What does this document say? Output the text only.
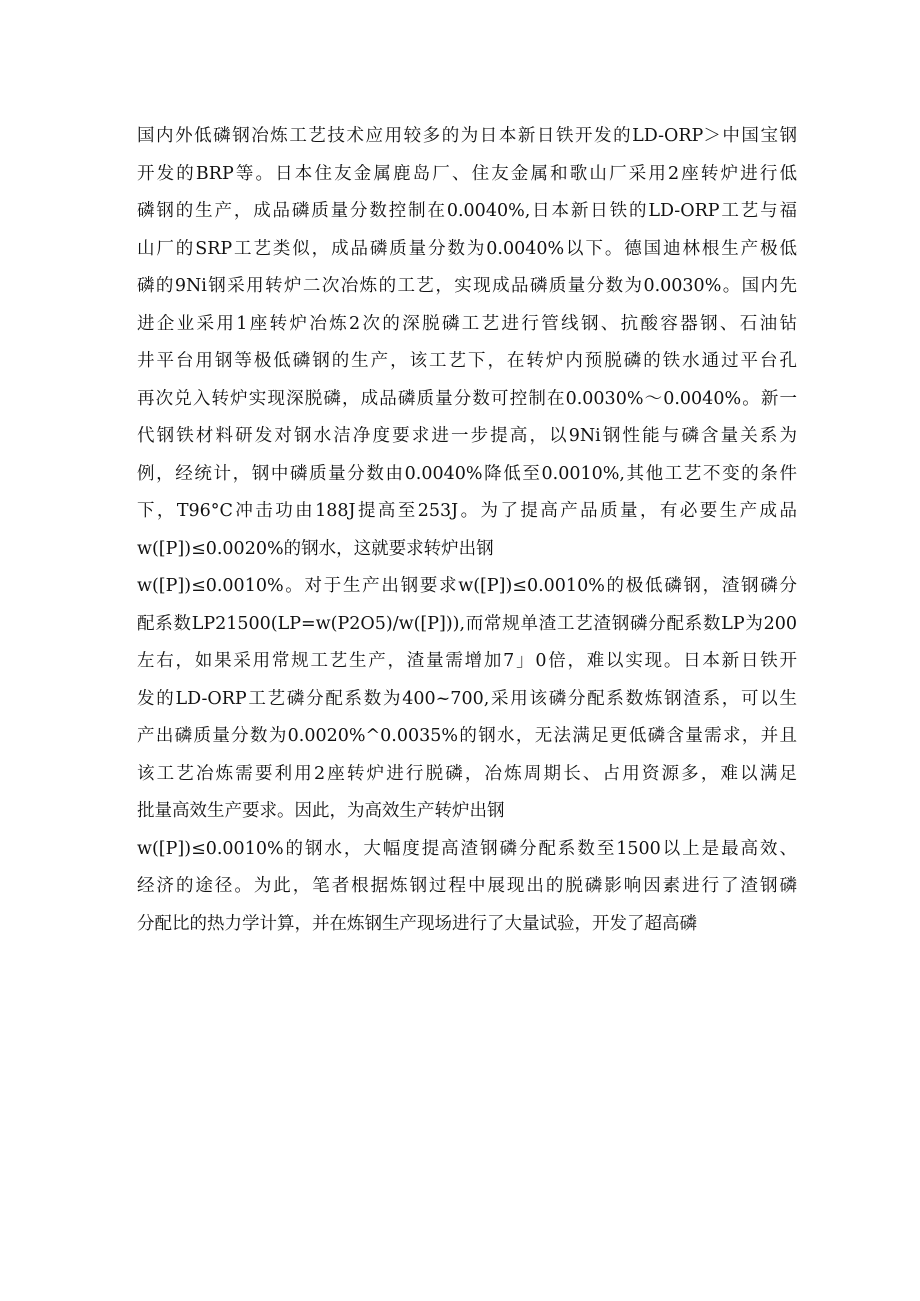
国内外低磷钢冶炼工艺技术应用较多的为日本新日铁开发的LD-ORP＞中国宝钢
开发的BRP等。日本住友金属鹿岛厂、住友金属和歌山厂采用2座转炉进行低
磷钢的生产，成品磷质量分数控制在0.0040%,日本新日铁的LD-ORP工艺与福
山厂的SRP工艺类似，成品磷质量分数为0.0040%以下。德国迪林根生产极低
磷的9Ni钢采用转炉二次冶炼的工艺，实现成品磷质量分数为0.0030%。国内先
进企业采用1座转炉冶炼2次的深脱磷工艺进行管线钢、抗酸容器钢、石油钻
井平台用钢等极低磷钢的生产，该工艺下，在转炉内预脱磷的铁水通过平台孔
再次兑入转炉实现深脱磷，成品磷质量分数可控制在0.0030%～0.0040%。新一
代钢铁材料研发对钢水洁净度要求进一步提高，以9Ni钢性能与磷含量关系为
例，经统计，钢中磷质量分数由0.0040%降低至0.0010%,其他工艺不变的条件
下，T96°C冲击功由188J提高至253J。为了提高产品质量，有必要生产成品
w([P])≤0.0020%的钢水，这就要求转炉出钢
w([P])≤0.0010%。对于生产出钢要求w([P])≤0.0010%的极低磷钢，渣钢磷分
配系数LP21500(LP=w(P2O5)/w([P])),而常规单渣工艺渣钢磷分配系数LP为200
左右，如果采用常规工艺生产，渣量需增加7」0倍，难以实现。日本新日铁开
发的LD-ORP工艺磷分配系数为400~700,采用该磷分配系数炼钢渣系，可以生
产出磷质量分数为0.0020%^0.0035%的钢水，无法满足更低磷含量需求，并且
该工艺冶炼需要利用2座转炉进行脱磷，冶炼周期长、占用资源多，难以满足
批量高效生产要求。因此，为高效生产转炉出钢
w([P])≤0.0010%的钢水，大幅度提高渣钢磷分配系数至1500以上是最高效、
经济的途径。为此，笔者根据炼钢过程中展现出的脱磷影响因素进行了渣钢磷
分配比的热力学计算，并在炼钢生产现场进行了大量试验，开发了超高磷
